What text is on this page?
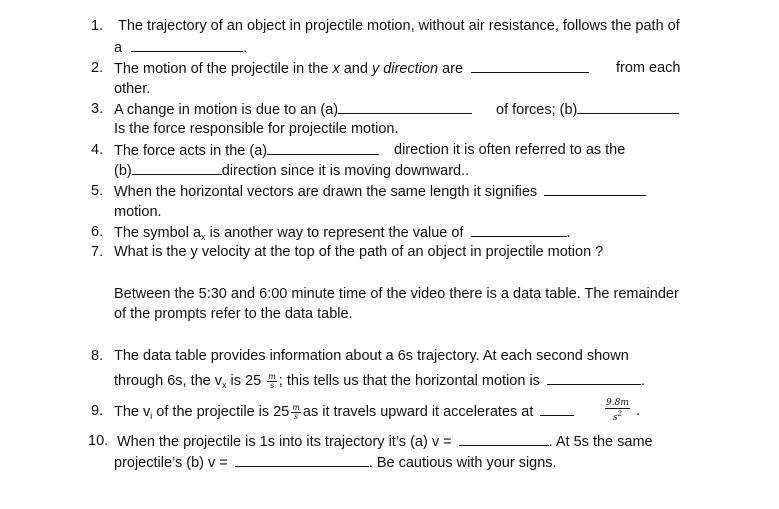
1. The trajectory of an object in projectile motion, without air resistance, follows the path of
a	.
2. The motion of the projectile in the x and y direction are	from each
other.
3. A change in motion is due to an (a)	of forces; (b)
Is the force responsible for projectile motion.
4. The force acts in the (a)	direction it is often referred to as the
(b)	direction since it is moving downward..
5. When the horizontal vectors are drawn the same length it signifies
motion.
6. The symbol $a_x$ is another way to represent the value of	.
7. What is the y velocity at the top of the path of an object in projectile motion ?
Between the 5:30 and 6:00 minute time of the video there is a data table. The remainder
of the prompts refer to the data table.
8. The data table provides information about a 6s trajectory. At each second shown
through 6s, the $v_x$ is $25 \frac{m}{s}$ ; this tells us that the horizontal motion is	.
9. The $v_i$ of the projectile is $25 \frac{m}{s}$ as it travels upward it accelerates at	$\frac{9.8m}{s^2}$ .
10. When the projectile is 1s into its trajectory it’s (a) v =	. At 5s the same
projectile’s (b) v =	. Be cautious with your signs.
